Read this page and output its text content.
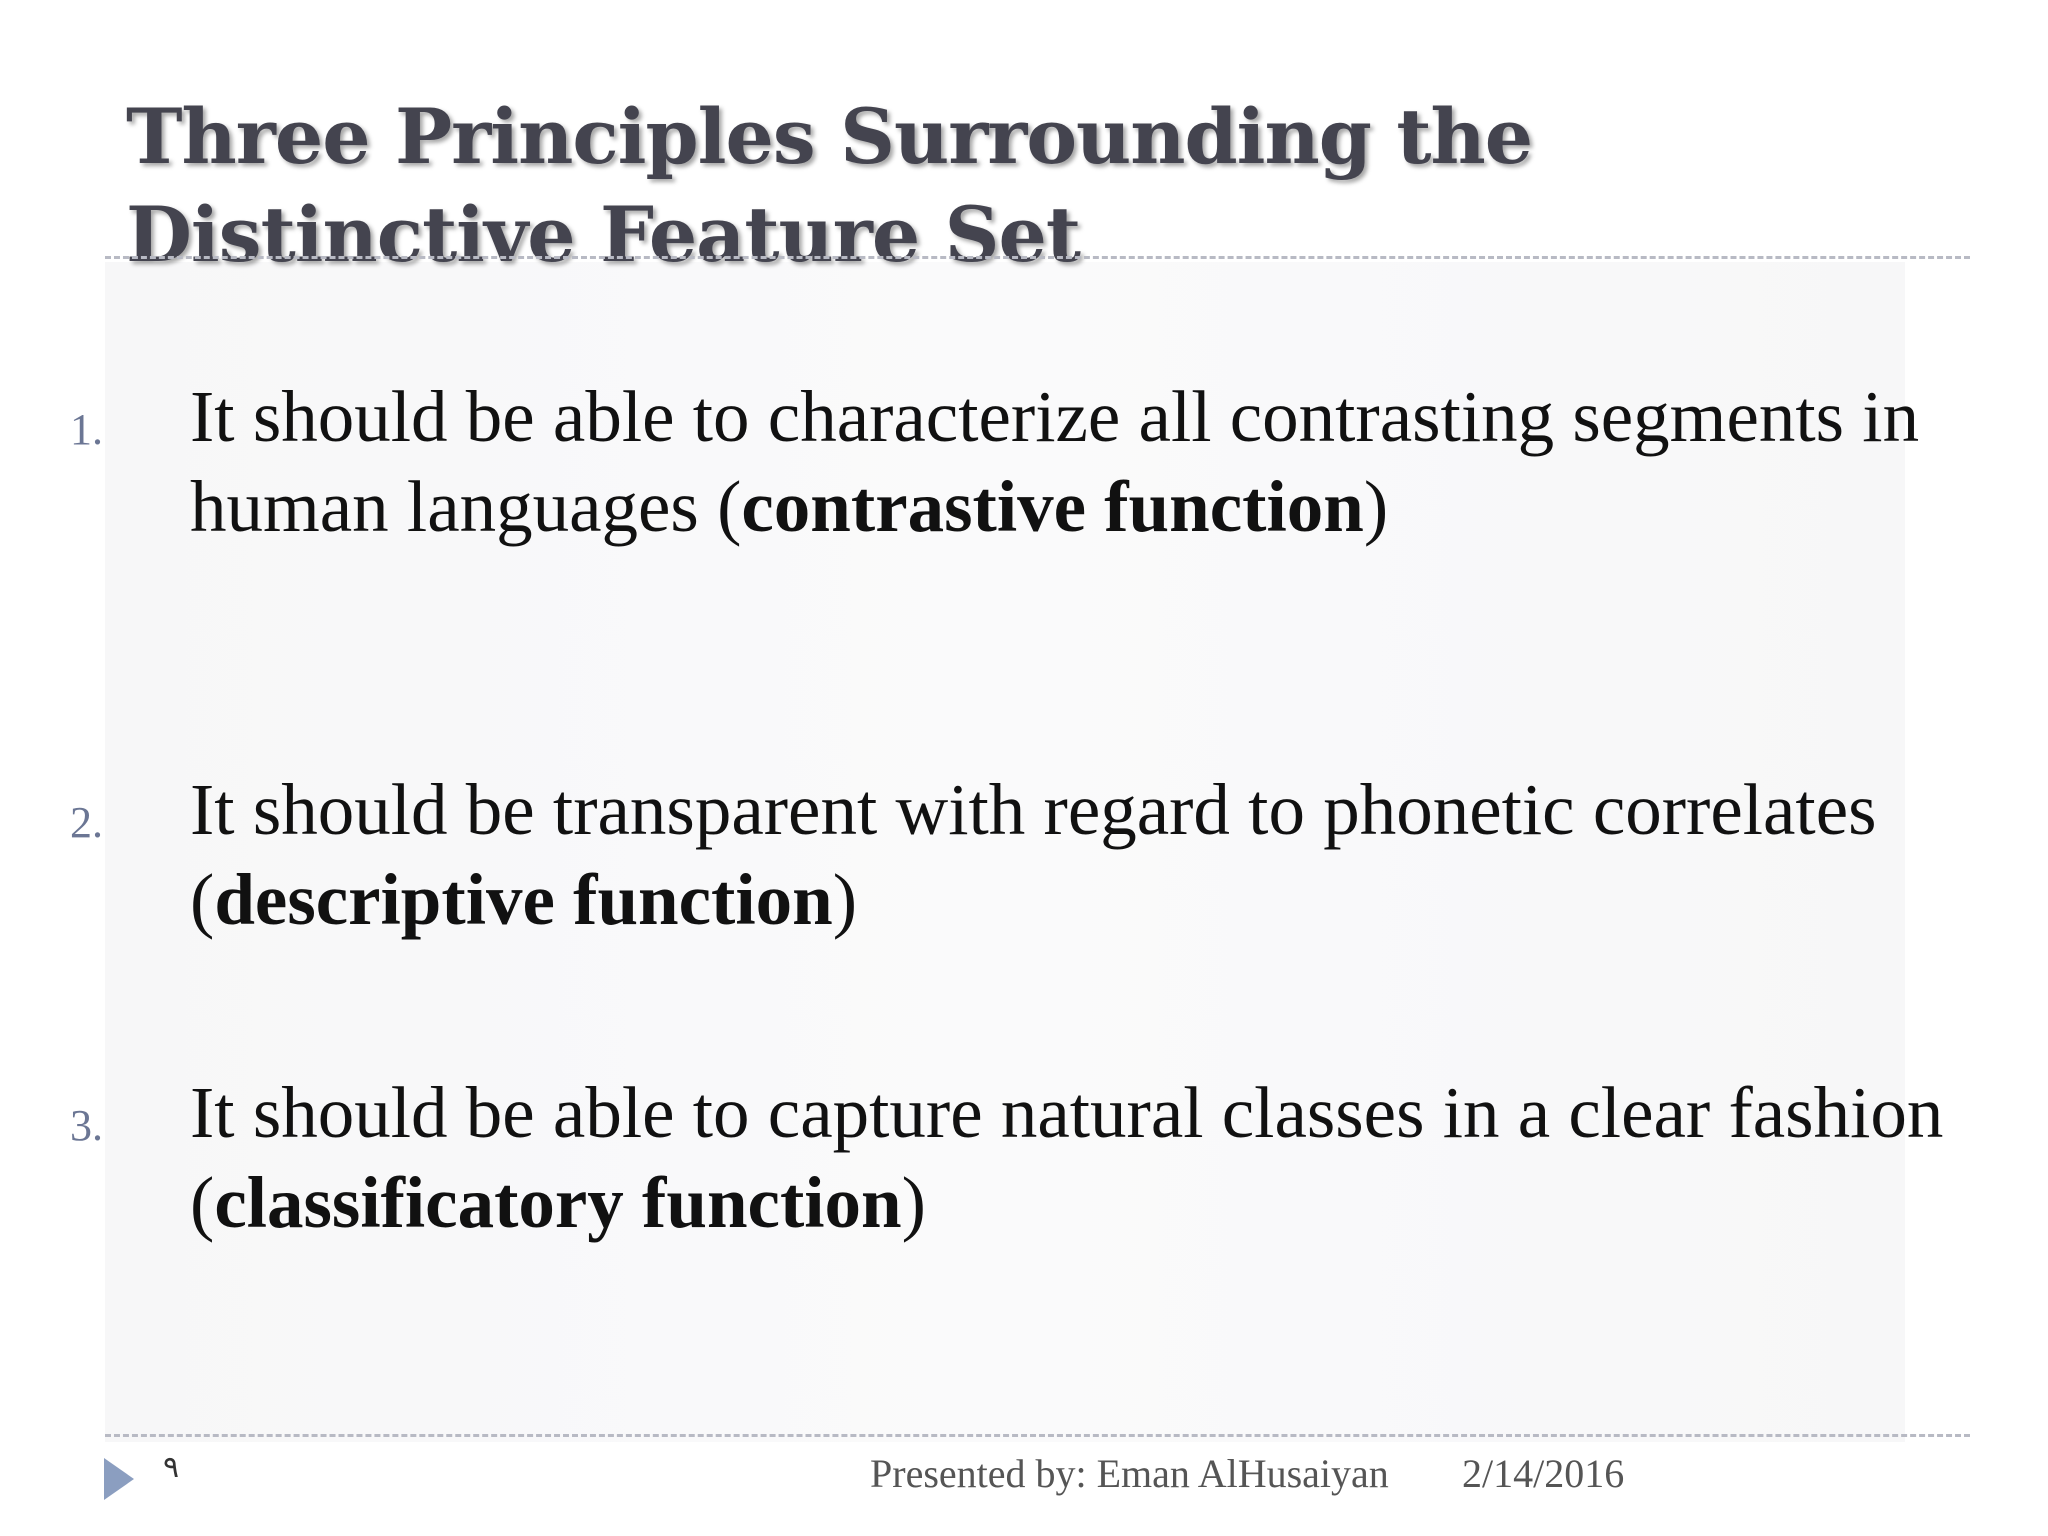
Three Principles Surrounding the Distinctive Feature Set
1. It should be able to characterize all contrasting segments in human languages (contrastive function)
2. It should be transparent with regard to phonetic correlates (descriptive function)
3. It should be able to capture natural classes in a clear fashion (classificatory function)
٩	Presented by: Eman AlHusaiyan 2/14/2016
